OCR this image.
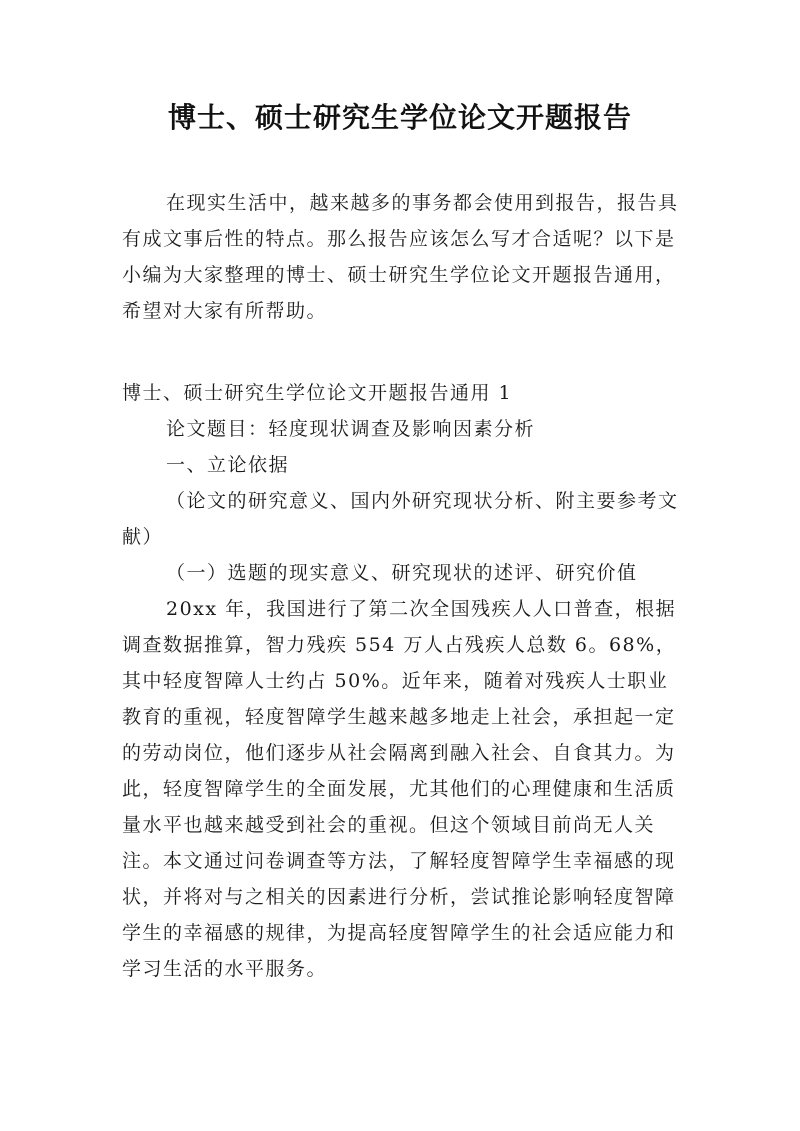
博士、硕士研究生学位论文开题报告

在现实生活中，越来越多的事务都会使用到报告，报告具有成文事后性的特点。那么报告应该怎么写才合适呢？以下是小编为大家整理的博士、硕士研究生学位论文开题报告通用，希望对大家有所帮助。

博士、硕士研究生学位论文开题报告通用 1

论文题目：轻度现状调查及影响因素分析

一、立论依据

（论文的研究意义、国内外研究现状分析、附主要参考文献）

（一）选题的现实意义、研究现状的述评、研究价值

20xx 年，我国进行了第二次全国残疾人人口普查，根据调查数据推算，智力残疾 554 万人占残疾人总数 6。68%，其中轻度智障人士约占 50%。近年来，随着对残疾人士职业教育的重视，轻度智障学生越来越多地走上社会，承担起一定的劳动岗位，他们逐步从社会隔离到融入社会、自食其力。为此，轻度智障学生的全面发展，尤其他们的心理健康和生活质量水平也越来越受到社会的重视。但这个领域目前尚无人关注。本文通过问卷调查等方法，了解轻度智障学生幸福感的现状，并将对与之相关的因素进行分析，尝试推论影响轻度智障学生的幸福感的规律，为提高轻度智障学生的社会适应能力和学习生活的水平服务。
